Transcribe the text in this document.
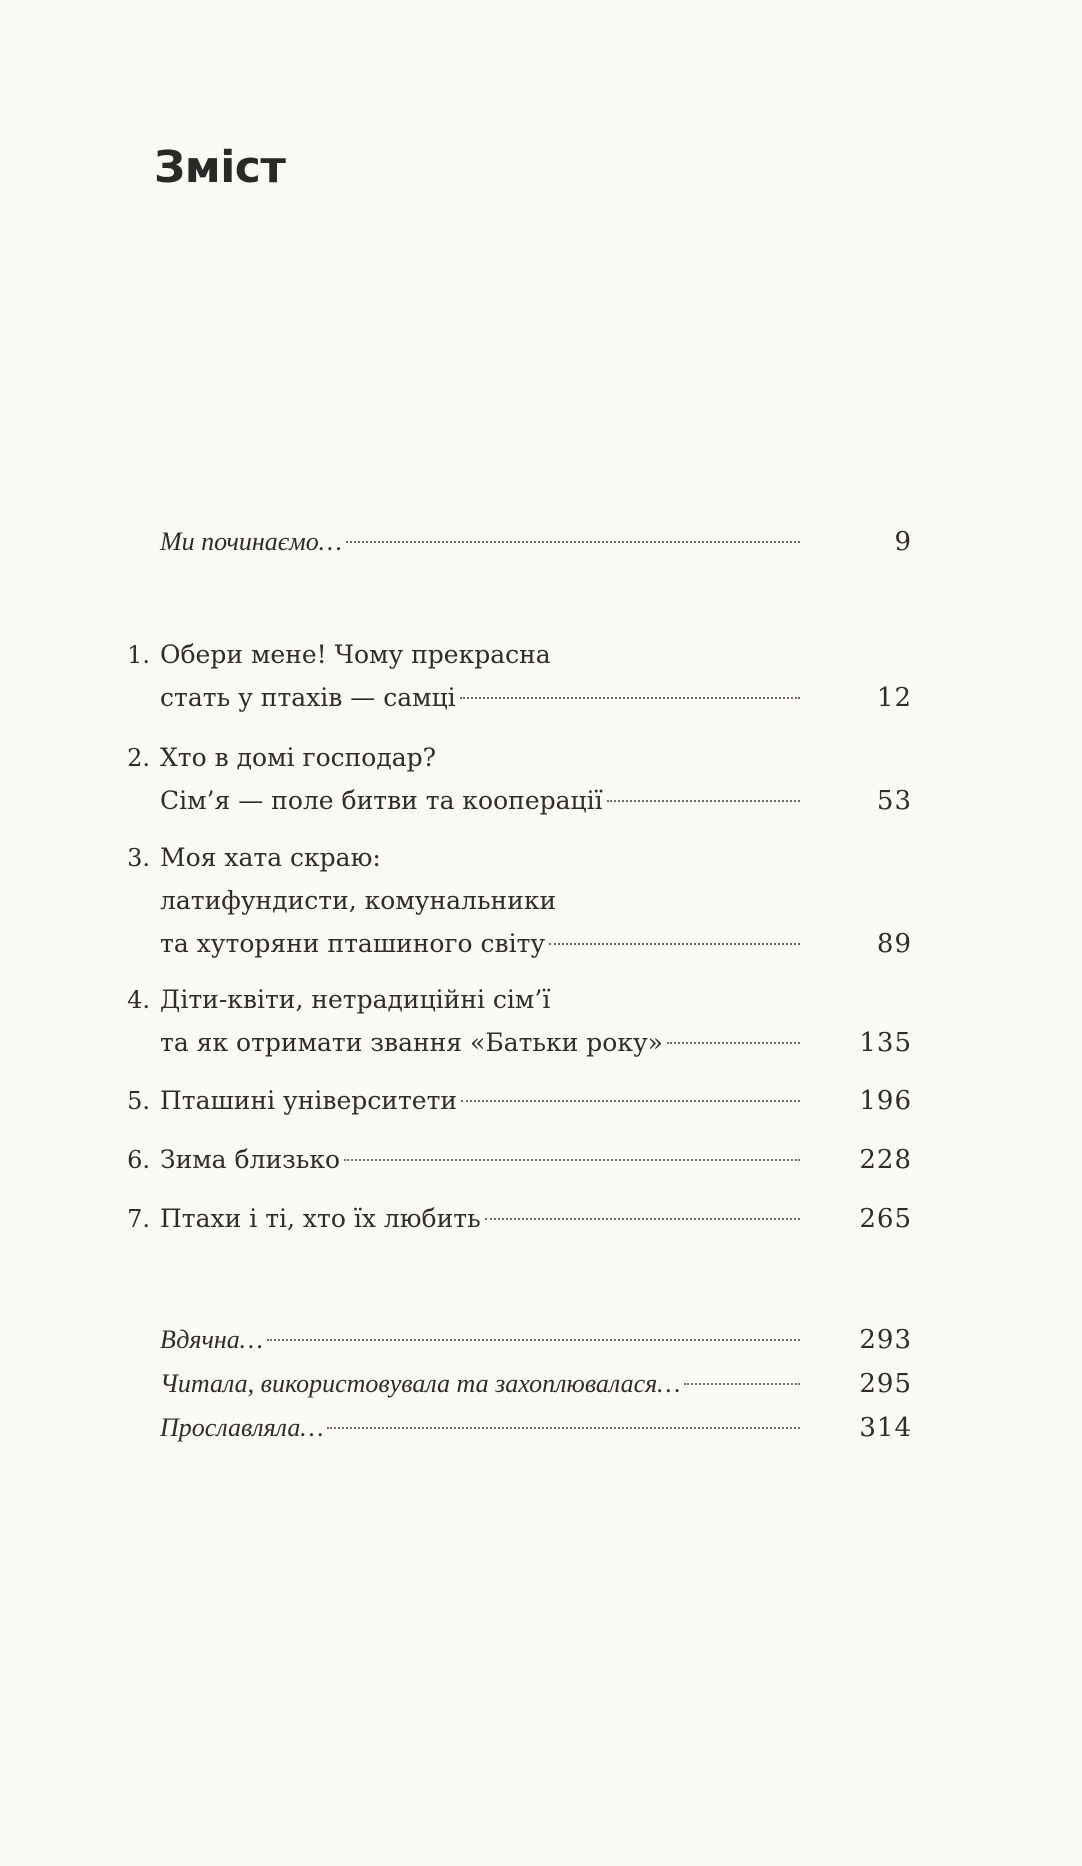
Зміст
Ми починаємо…	9
1. Обери мене! Чому прекрасна
стать у птахів — самці	12
2. Хто в домі господар?
Сім’я — поле битви та кооперації	53
3. Моя хата скраю:
латифундисти, комунальники
та хуторяни пташиного світу	89
4. Діти-квіти, нетрадиційні сім’ї
та як отримати звання «Батьки року»	135
5. Пташині університети	196
6. Зима близько	228
7. Птахи і ті, хто їх любить	265
Вдячна…	293
Читала, використовувала та захоплювалася…	295
Прославляла…	314
